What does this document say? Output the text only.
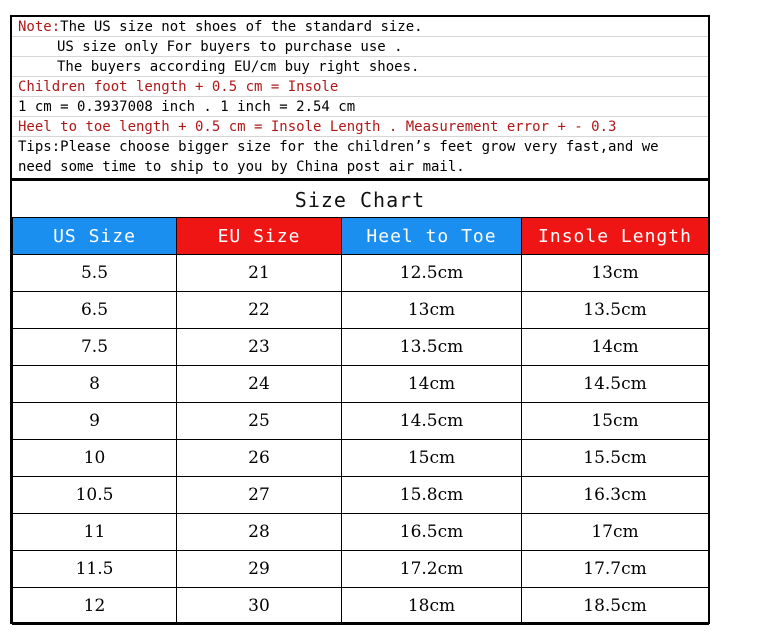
Note:The US size not shoes of the standard size.
US size only For buyers to purchase use .
The buyers according EU/cm buy right shoes.
Children foot length + 0.5 cm = Insole
1 cm = 0.3937008 inch . 1 inch = 2.54 cm
Heel to toe length + 0.5 cm = Insole Length . Measurement error + - 0.3
Tips:Please choose bigger size for the children’s feet grow very fast,and we need some time to ship to you by China post air mail.
Size Chart
US Size	EU Size	Heel to Toe	Insole Length
5.5	21	12.5cm	13cm
6.5	22	13cm	13.5cm
7.5	23	13.5cm	14cm
8	24	14cm	14.5cm
9	25	14.5cm	15cm
10	26	15cm	15.5cm
10.5	27	15.8cm	16.3cm
11	28	16.5cm	17cm
11.5	29	17.2cm	17.7cm
12	30	18cm	18.5cm
